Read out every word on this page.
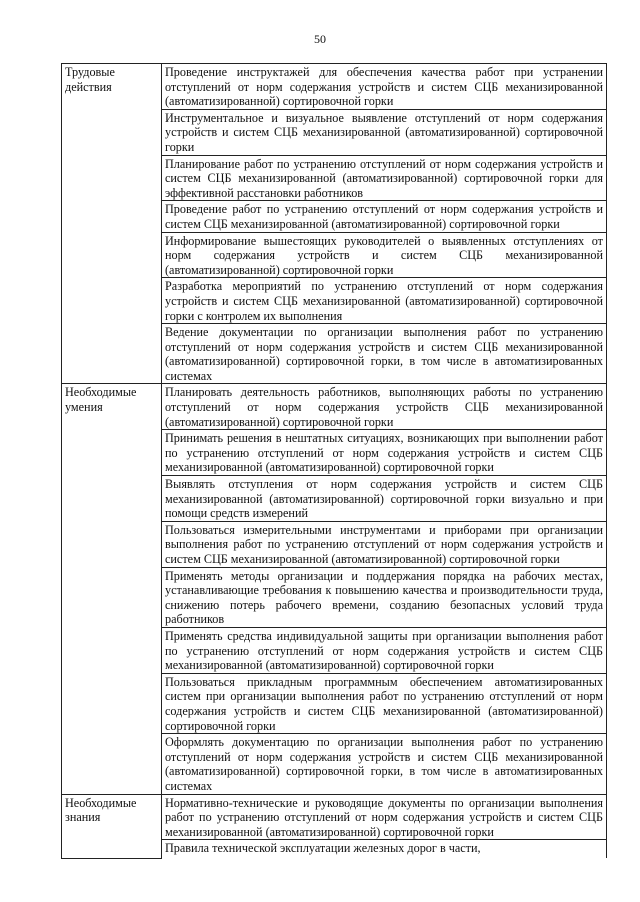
50
Трудовые действия	Проведение инструктажей для обеспечения качества работ при устранении отступлений от норм содержания устройств и систем СЦБ механизированной (автоматизированной) сортировочной горки

	Инструментальное и визуальное выявление отступлений от норм содержания устройств и систем СЦБ механизированной (автоматизированной) сортировочной горки

	Планирование работ по устранению отступлений от норм содержания устройств и систем СЦБ механизированной (автоматизированной) сортировочной горки для эффективной расстановки работников

	Проведение работ по устранению отступлений от норм содержания устройств и систем СЦБ механизированной (автоматизированной) сортировочной горки

	Информирование вышестоящих руководителей о выявленных отступлениях от норм содержания устройств и систем СЦБ механизированной (автоматизированной) сортировочной горки

	Разработка мероприятий по устранению отступлений от норм содержания устройств и систем СЦБ механизированной (автоматизированной) сортировочной горки с контролем их выполнения

	Ведение документации по организации выполнения работ по устранению отступлений от норм содержания устройств и систем СЦБ механизированной (автоматизированной) сортировочной горки, в том числе в автоматизированных системах

Необходимые умения	Планировать деятельность работников, выполняющих работы по устранению отступлений от норм содержания устройств СЦБ механизированной (автоматизированной) сортировочной горки

	Принимать решения в нештатных ситуациях, возникающих при выполнении работ по устранению отступлений от норм содержания устройств и систем СЦБ механизированной (автоматизированной) сортировочной горки

	Выявлять отступления от норм содержания устройств и систем СЦБ механизированной (автоматизированной) сортировочной горки визуально и при помощи средств измерений

	Пользоваться измерительными инструментами и приборами при организации выполнения работ по устранению отступлений от норм содержания устройств и систем СЦБ механизированной (автоматизированной) сортировочной горки

	Применять методы организации и поддержания порядка на рабочих местах, устанавливающие требования к повышению качества и производительности труда, снижению потерь рабочего времени, созданию безопасных условий труда работников

	Применять средства индивидуальной защиты при организации выполнения работ по устранению отступлений от норм содержания устройств и систем СЦБ механизированной (автоматизированной) сортировочной горки

	Пользоваться прикладным программным обеспечением автоматизированных систем при организации выполнения работ по устранению отступлений от норм содержания устройств и систем СЦБ механизированной (автоматизированной) сортировочной горки

	Оформлять документацию по организации выполнения работ по устранению отступлений от норм содержания устройств и систем СЦБ механизированной (автоматизированной) сортировочной горки, в том числе в автоматизированных системах

Необходимые знания	Нормативно-технические и руководящие документы по организации выполнения работ по устранению отступлений от норм содержания устройств и систем СЦБ механизированной (автоматизированной) сортировочной горки

	Правила технической эксплуатации железных дорог в части,
